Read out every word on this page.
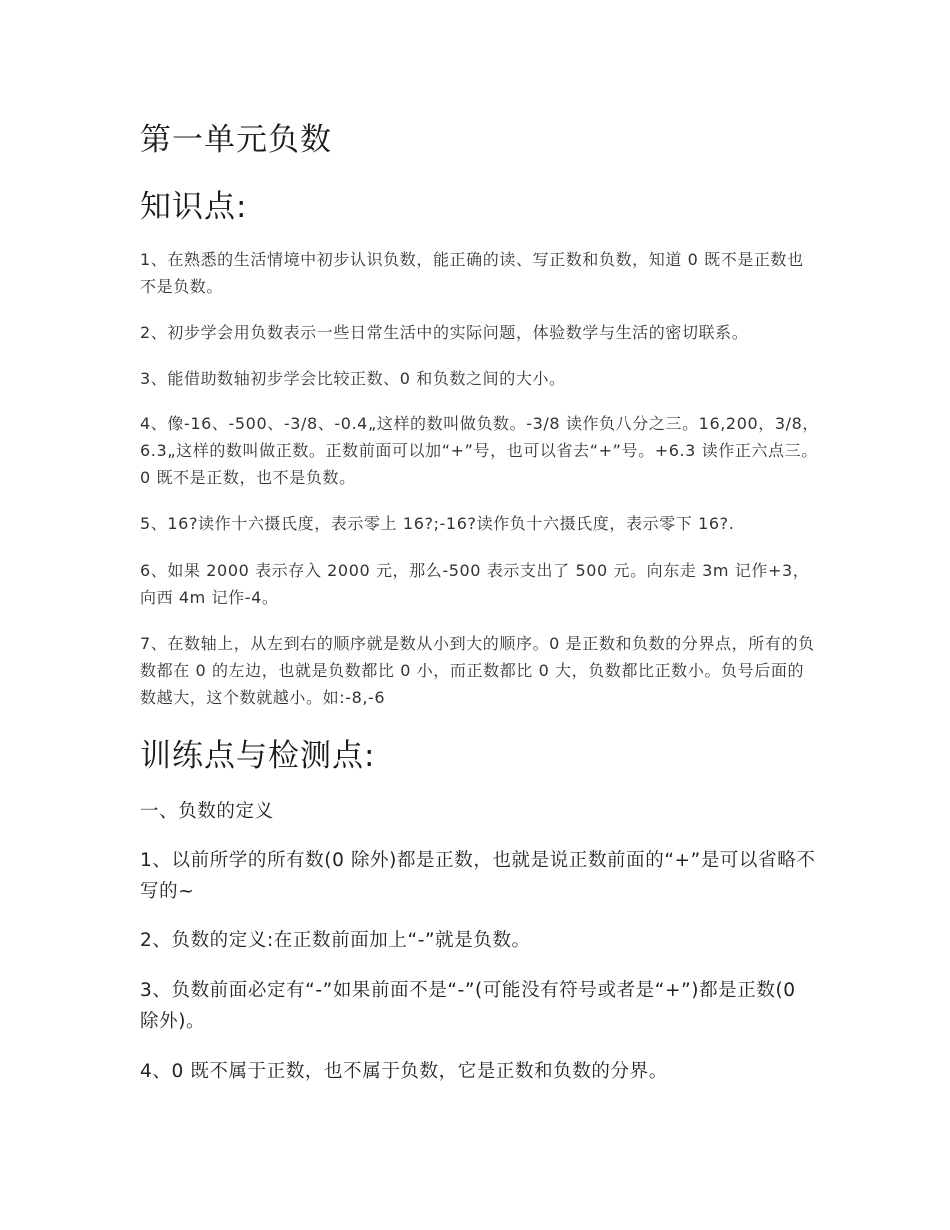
第一单元负数
知识点:

1、在熟悉的生活情境中初步认识负数，能正确的读、写正数和负数，知道 0 既不是正数也不是负数。

2、初步学会用负数表示一些日常生活中的实际问题，体验数学与生活的密切联系。

3、能借助数轴初步学会比较正数、0 和负数之间的大小。

4、像-16、-500、-3/8、-0.4„这样的数叫做负数。-3/8 读作负八分之三。16,200，3/8，6.3„这样的数叫做正数。正数前面可以加“+”号，也可以省去“+”号。+6.3 读作正六点三。0 既不是正数，也不是负数。

5、16?读作十六摄氏度，表示零上 16?;-16?读作负十六摄氏度，表示零下 16?.

6、如果 2000 表示存入 2000 元，那么-500 表示支出了 500 元。向东走 3m 记作+3，向西 4m 记作-4。

7、在数轴上，从左到右的顺序就是数从小到大的顺序。0 是正数和负数的分界点，所有的负数都在 0 的左边，也就是负数都比 0 小，而正数都比 0 大，负数都比正数小。负号后面的数越大，这个数就越小。如:-8,-6

训练点与检测点:

一、负数的定义

1、以前所学的所有数(0 除外)都是正数，也就是说正数前面的“+”是可以省略不写的~

2、负数的定义:在正数前面加上“-”就是负数。

3、负数前面必定有“-”如果前面不是“-”(可能没有符号或者是“+”)都是正数(0 除外)。

4、0 既不属于正数，也不属于负数，它是正数和负数的分界。
